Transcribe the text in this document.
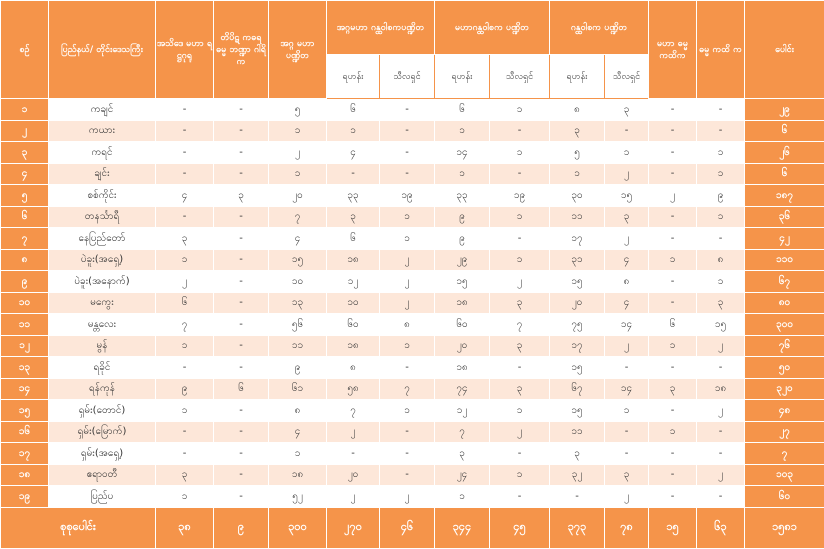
စဉ်	ပြည်နယ်/ တိုင်းဒေသကြီး	အသိဒေ မဟာ ရဋ္ဌဂုရု	တိပိဋ ကဓရ ဓမ္မ ဘဏ္ဍာ ဂါရိက	အဂ္ဂ မဟာ ပဏ္ဍိတ	အဂ္ဂမဟာ ဂန္ထဝါစကပဏ္ဍိတ		မဟာဂန္ထဝါစက ပဏ္ဍိတ		ဂန္ထဝါစက ပဏ္ဍိတ		မဟာ ဓမ္မ ကထိက	ဓမ္မ ကထိ က	ပေါင်း
					ရဟန်း	သီလရှင်	ရဟန်း	သီလရှင်	ရဟန်း	သီလရှင်			
၁	ကချင်	-	-	၅	၆	-	၆	၁	၈	၃	-	-	၂၉
၂	ကယား	-	-	၁	၁	-	၁	-	၃	-	-	-	၆
၃	ကရင်	-	-	၂	၄	-	၁၄	၁	၅	၁	-	၁	၂၆
၄	ချင်း	-	-	၁	-	-	၁	-	၁	၂	-	၁	၆
၅	စစ်ကိုင်း	၄	၃	၂၀	၃၃	၁၉	၃၃	၁၉	၃၀	၁၅	၂	၉	၁၈၇
၆	တနင်္သာရီ	-	-	၇	၃	၁	၉	၁	၁၁	၃	-	၁	၃၆
၇	နေပြည်တော်	၃	-	၄	၆	၁	၉	-	၁၇	၂	-	-	၄၂
၈	ပဲခူး(အရှေ့)	၁	-	၁၅	၁၈	၂	၂၉	၁	၃၁	၄	၁	၈	၁၁၀
၉	ပဲခူး(အနောက်)	၂	-	၁၀	၁၂	၂	၁၅	၂	၁၅	၈	-	၁	၆၇
၁၀	မကွေး	၆	-	၁၃	၁၀	၂	၁၈	၃	၂၀	၄	-	၃	၈၀
၁၁	မန္တလေး	၇	-	၅၆	၆၀	၈	၆၀	၇	၇၅	၁၄	၆	၁၅	၃၀၀
၁၂	မွန်	၁	-	၁၁	၁၈	၁	၂၀	၃	၁၇	၂	၁	၂	၇၆
၁၃	ရခိုင်	-	-	၉	၈	-	၁၈	-	၁၅	-	-	-	၅၀
၁၄	ရန်ကုန်	၉	၆	၆၁	၅၈	၇	၇၄	၃	၆၇	၁၄	၃	၁၈	၃၂၀
၁၅	ရှမ်း(တောင်)	၁	-	၈	၇	၁	၁၂	၁	၁၅	၁	-	၂	၄၈
၁၆	ရှမ်း(မြောက်)	-	-	၄	၂	-	၇	၂	၁၁	-	၁	-	၂၇
၁၇	ရှမ်း(အရှေ့)	-	-	၁	-	-	၃	-	၃	-	-	-	၇
၁၈	ဧရာဝတီ	၃	-	၁၈	၂၀	-	၂၄	၁	၃၂	၃	-	၂	၁၀၃
၁၉	ပြည်ပ	၁	-	၅၂	၂	၂	၁	-	-	၂	-	-	၆၀
စုစုပေါင်း		၃၈	၉	၃၀၀	၂၇၀	၄၆	၃၄၄	၄၅	၃၇၃	၇၈	၁၅	၆၃	၁၅၈၁
